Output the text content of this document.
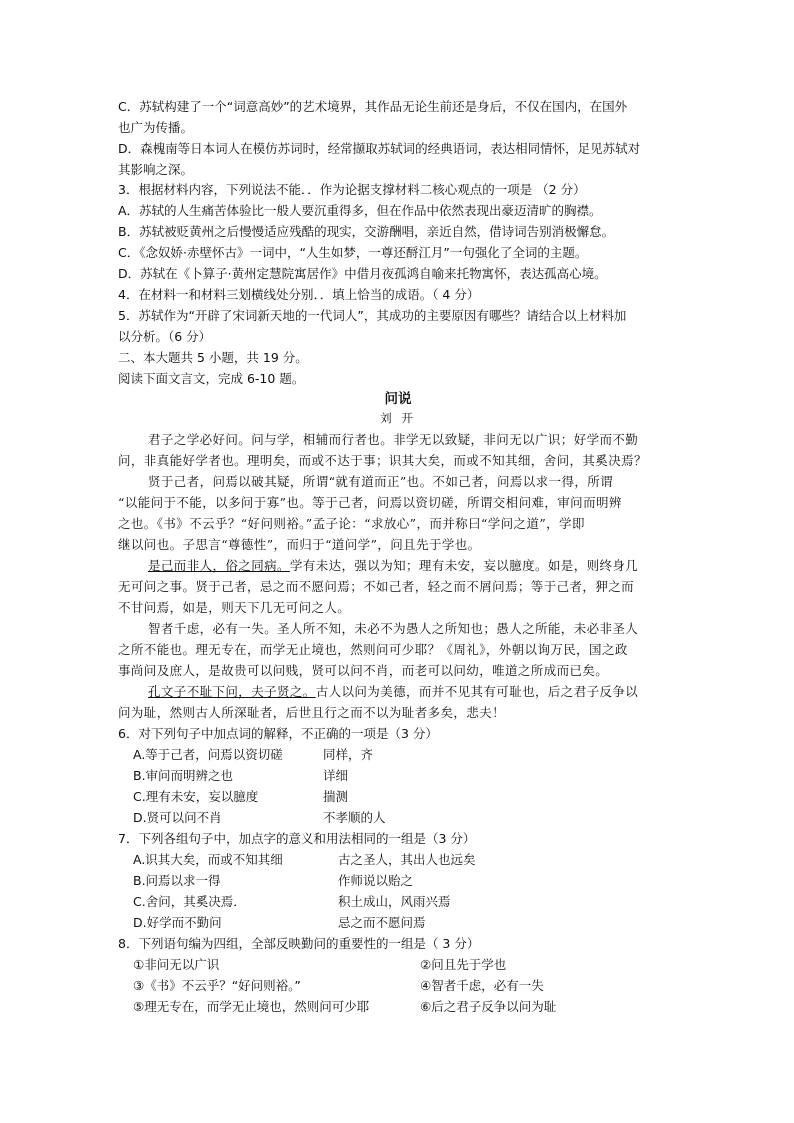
C．苏轼构建了一个“词意高妙”的艺术境界，其作品无论生前还是身后，不仅在国内，在国外
也广为传播。
D．森槐南等日本词人在模仿苏词时，经常撷取苏轼词的经典语词，表达相同情怀，足见苏轼对
其影响之深。
3．根据材料内容，下列说法不能．．作为论据支撑材料二核心观点的一项是 （2 分）
A．苏轼的人生痛苦体验比一般人要沉重得多，但在作品中依然表现出豪迈清旷的胸襟。
B．苏轼被贬黄州之后慢慢适应残酷的现实，交游酬唱，亲近自然，借诗词告别消极懈怠。
C．《念奴娇·赤壁怀古》一词中，“人生如梦，一尊还酹江月”一句强化了全词的主题。
D．苏轼在《卜算子·黄州定慧院寓居作》中借月夜孤鸿自喻来托物寓怀，表达孤高心境。
4．在材料一和材料三划横线处分别．．填上恰当的成语。（ 4 分）
5．苏轼作为“开辟了宋词新天地的一代词人”，其成功的主要原因有哪些？请结合以上材料加
以分析。（6 分）
二、本大题共 5 小题，共 19 分。
阅读下面文言文，完成 6-10 题。
问说
刘 开
君子之学必好问。问与学，相辅而行者也。非学无以致疑，非问无以广识；好学而不勤
问，非真能好学者也。理明矣，而或不达于事；识其大矣，而或不知其细，舍问，其奚决焉？
贤于己者，问焉以破其疑，所谓“就有道而正”也。不如己者，问焉以求一得，所谓
“以能问于不能，以多问于寡”也。等于己者，问焉以资切磋，所谓交相问难，审问而明辨
之也。《书》不云乎？“好问则裕。”孟子论：“求放心”，而并称曰“学问之道”，学即
继以问也。子思言“尊德性”，而归于“道问学”，问且先于学也。
是己而非人，俗之同病。学有未达，强以为知；理有未安，妄以臆度。如是，则终身几
无可问之事。贤于己者，忌之而不愿问焉；不如己者，轻之而不屑问焉；等于己者，狎之而
不甘问焉，如是，则天下几无可问之人。
智者千虑，必有一失。圣人所不知，未必不为愚人之所知也；愚人之所能，未必非圣人
之所不能也。理无专在，而学无止境也，然则问可少耶？《周礼》，外朝以询万民，国之政
事尚问及庶人，是故贵可以问贱，贤可以问不肖，而老可以问幼，唯道之所成而已矣。
孔文子不耻下问，夫子贤之。古人以问为美德，而并不见其有可耻也，后之君子反争以
问为耻，然则古人所深耻者，后世且行之而不以为耻者多矣，悲夫！
6．对下列句子中加点词的解释，不正确的一项是（3 分）
A.等于己者，问焉以资切磋	同样，齐
B.审问而明辨之也	详细
C.理有未安，妄以臆度	揣测
D.贤可以问不肖	不孝顺的人
7．下列各组句子中，加点字的意义和用法相同的一组是（3 分）
A.识其大矣，而或不知其细	古之圣人，其出人也远矣
B.问焉以求一得	作师说以贻之
C.舍问，其奚决焉．	积土成山，风雨兴焉
D.好学而不勤问	忌之而不愿问焉
8．下列语句编为四组，全部反映勤问的重要性的一组是（ 3 分）
①非问无以广识	②问且先于学也
③《书》不云乎？“好问则裕。”	④智者千虑，必有一失
⑤理无专在，而学无止境也，然则问可少耶	⑥后之君子反争以问为耻
